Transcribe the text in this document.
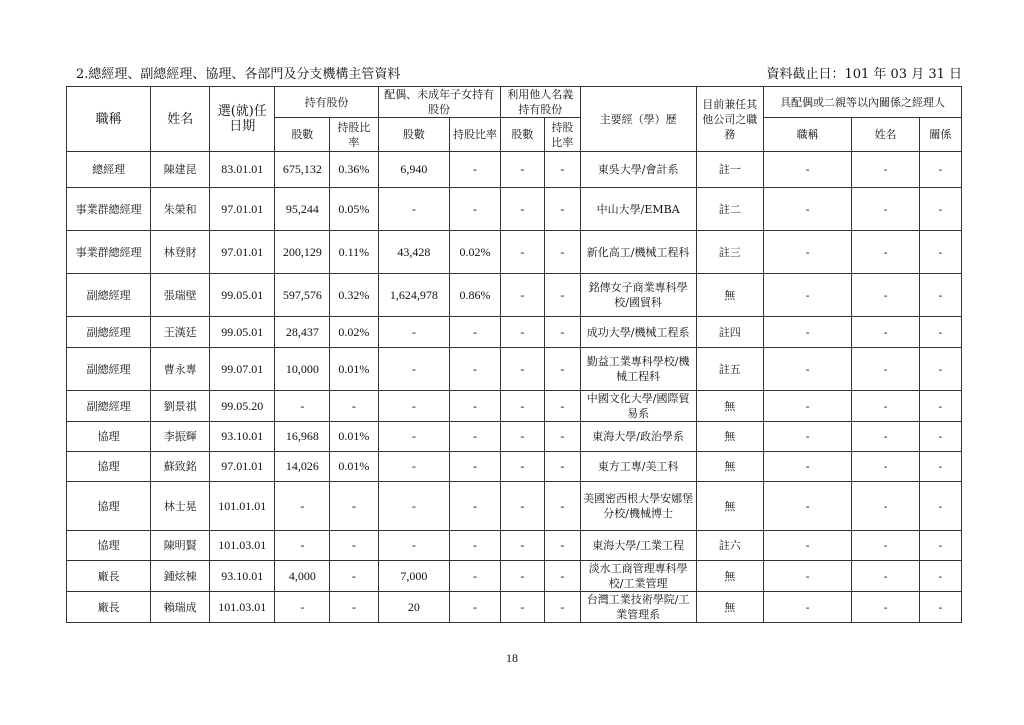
2.總經理、副總經理、協理、各部門及分支機構主管資料	資料截止日：101 年 03 月 31 日
職稱	姓名	選(就)任日期	持有股份		配偶、未成年子女持有股份		利用他人名義持有股份		主要經（學）歷	目前兼任其他公司之職務	具配偶或二親等以內關係之經理人		
			股數	持股比率	股數	持股比率	股數	持股比率			職稱	姓名	關係
總經理	陳建昆	83.01.01	675,132	0.36%	6,940	-	-	-	東吳大學/會計系	註一	-	-	-
事業群總經理	朱榮和	97.01.01	95,244	0.05%	-	-	-	-	中山大學/EMBA	註二	-	-	-
事業群總經理	林登財	97.01.01	200,129	0.11%	43,428	0.02%	-	-	新化高工/機械工程科	註三	-	-	-
副總經理	張瑞壁	99.05.01	597,576	0.32%	1,624,978	0.86%	-	-	銘傳女子商業專科學校/國貿科	無	-	-	-
副總經理	王漢廷	99.05.01	28,437	0.02%	-	-	-	-	成功大學/機械工程系	註四	-	-	-
副總經理	曹永專	99.07.01	10,000	0.01%	-	-	-	-	勤益工業專科學校/機械工程科	註五	-	-	-
副總經理	劉景祺	99.05.20	-	-	-	-	-	-	中國文化大學/國際貿易系	無	-	-	-
協理	李振輝	93.10.01	16,968	0.01%	-	-	-	-	東海大學/政治學系	無	-	-	-
協理	蘇致銘	97.01.01	14,026	0.01%	-	-	-	-	東方工專/美工科	無	-	-	-
協理	林士晃	101.01.01	-	-	-	-	-	-	美國密西根大學安娜堡分校/機械博士	無	-	-	-
協理	陳明賢	101.03.01	-	-	-	-	-	-	東海大學/工業工程	註六	-	-	-
廠長	鍾炫棟	93.10.01	4,000	-	7,000	-	-	-	淡水工商管理專科學校/工業管理	無	-	-	-
廠長	賴瑞成	101.03.01	-	-	20	-	-	-	台灣工業技術學院/工業管理系	無	-	-	-
18
